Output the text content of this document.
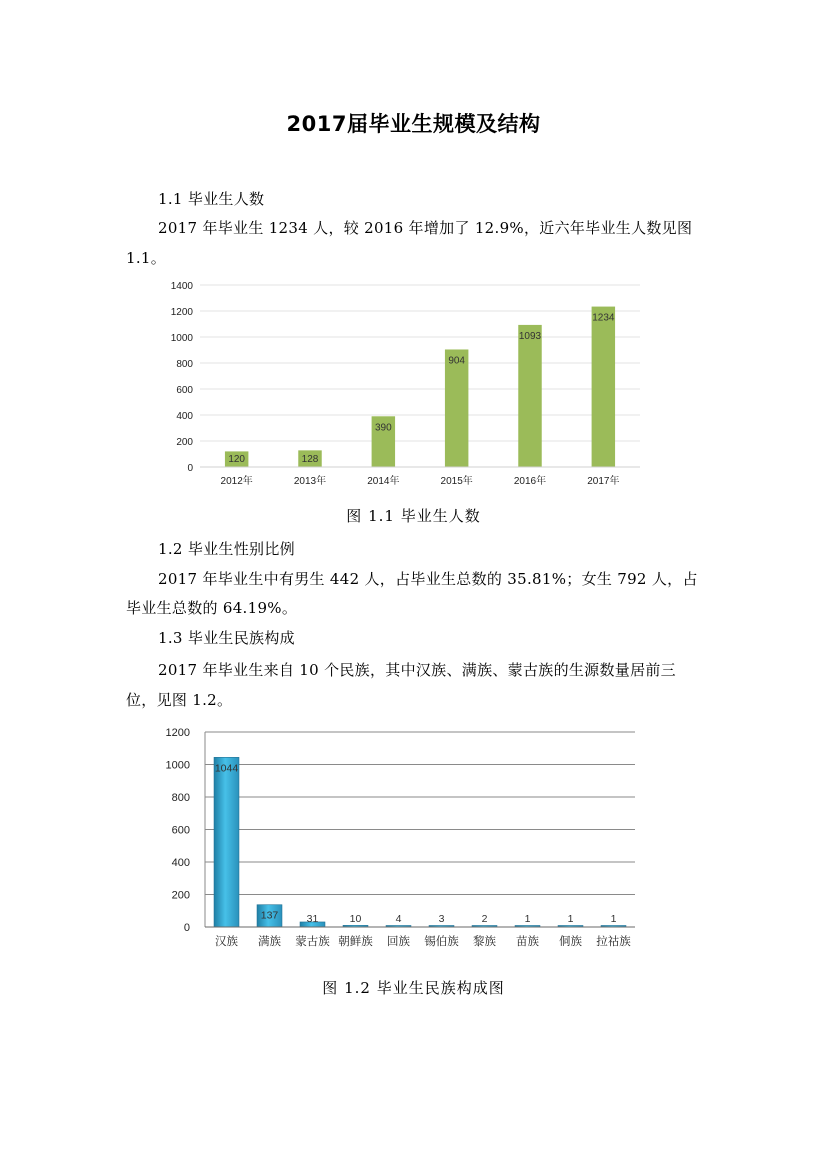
2017届毕业生规模及结构
1.1 毕业生人数
2017 年毕业生 1234 人，较 2016 年增加了 12.9%，近六年毕业生人数见图
1.1。
0
200
400
600
800
1000
1200
1400
120
2012年
128
2013年
390
2014年
904
2015年
1093
2016年
1234
2017年
图 1.1 毕业生人数
1.2 毕业生性别比例
2017 年毕业生中有男生 442 人，占毕业生总数的 35.81%；女生 792 人，占
毕业生总数的 64.19%。
1.3 毕业生民族构成
2017 年毕业生来自 10 个民族，其中汉族、满族、蒙古族的生源数量居前三
位，见图 1.2。
0
200
400
600
800
1000
1200
1044
汉族
137
满族
31
蒙古族
10
朝鲜族
4
回族
3
锡伯族
2
黎族
1
苗族
1
侗族
1
拉祜族
图 1.2 毕业生民族构成图
